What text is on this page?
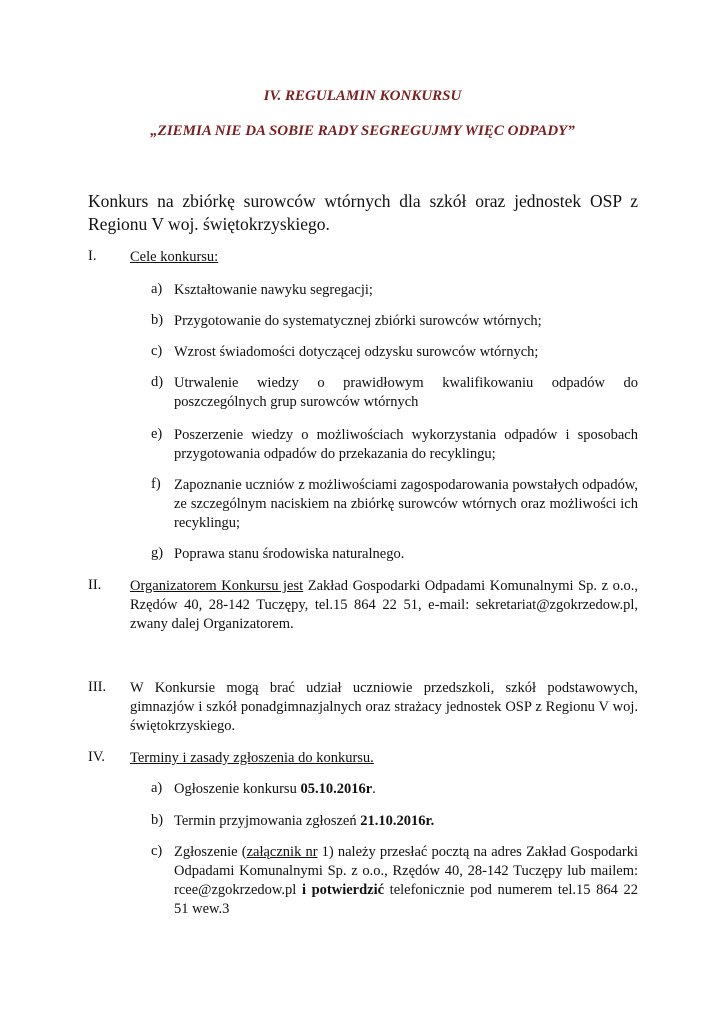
IV. REGULAMIN KONKURSU
„ZIEMIA NIE DA SOBIE RADY SEGREGUJMY WIĘC ODPADY”
Konkurs na zbiórkę surowców wtórnych dla szkół oraz jednostek OSP z Regionu V woj. świętokrzyskiego.
I. Cele konkursu:
a) Kształtowanie nawyku segregacji;
b) Przygotowanie do systematycznej zbiórki surowców wtórnych;
c) Wzrost świadomości dotyczącej odzysku surowców wtórnych;
d) Utrwalenie wiedzy o prawidłowym kwalifikowaniu odpadów do poszczególnych grup surowców wtórnych
e) Poszerzenie wiedzy o możliwościach wykorzystania odpadów i sposobach przygotowania odpadów do przekazania do recyklingu;
f) Zapoznanie uczniów z możliwościami zagospodarowania powstałych odpadów, ze szczególnym naciskiem na zbiórkę surowców wtórnych oraz możliwości ich recyklingu;
g) Poprawa stanu środowiska naturalnego.
II. Organizatorem Konkursu jest Zakład Gospodarki Odpadami Komunalnymi Sp. z o.o., Rzędów 40, 28-142 Tuczępy, tel.15 864 22 51, e-mail: sekretariat@zgokrzedow.pl, zwany dalej Organizatorem.
III. W Konkursie mogą brać udział uczniowie przedszkoli, szkół podstawowych, gimnazjów i szkół ponadgimnazjalnych oraz strażacy jednostek OSP z Regionu V woj. świętokrzyskiego.
IV. Terminy i zasady zgłoszenia do konkursu.
a) Ogłoszenie konkursu 05.10.2016r.
b) Termin przyjmowania zgłoszeń 21.10.2016r.
c) Zgłoszenie (załącznik nr 1) należy przesłać pocztą na adres Zakład Gospodarki Odpadami Komunalnymi Sp. z o.o., Rzędów 40, 28-142 Tuczępy lub mailem: rcee@zgokrzedow.pl i potwierdzić telefonicznie pod numerem tel.15 864 22 51 wew.3
